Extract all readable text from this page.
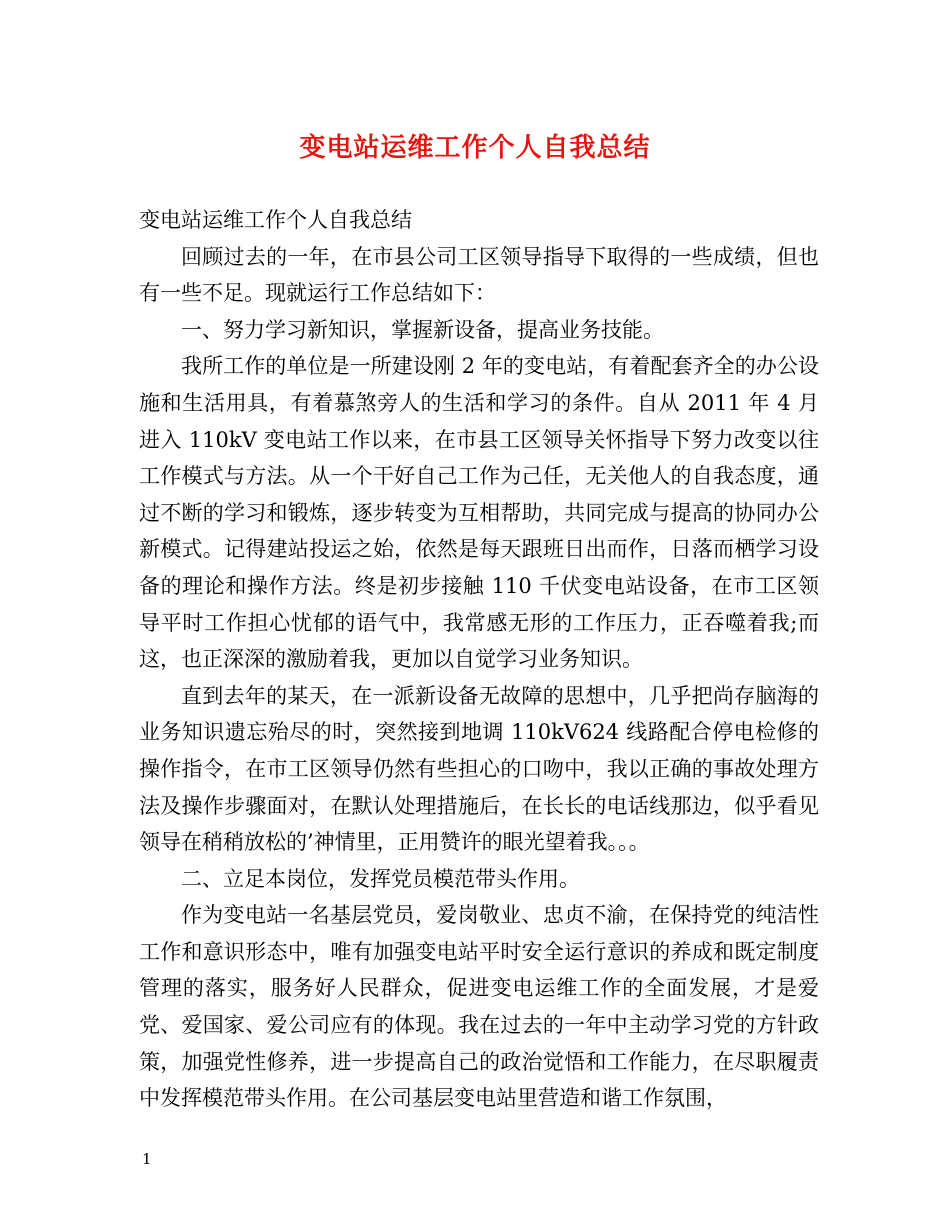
变电站运维工作个人自我总结

变电站运维工作个人自我总结

回顾过去的一年，在市县公司工区领导指导下取得的一些成绩，但也有一些不足。现就运行工作总结如下：

一、努力学习新知识，掌握新设备，提高业务技能。

我所工作的单位是一所建设刚 2 年的变电站，有着配套齐全的办公设施和生活用具，有着慕煞旁人的生活和学习的条件。自从 2011 年 4 月进入 110kV 变电站工作以来，在市县工区领导关怀指导下努力改变以往工作模式与方法。从一个干好自己工作为己任，无关他人的自我态度，通过不断的学习和锻炼，逐步转变为互相帮助，共同完成与提高的协同办公新模式。记得建站投运之始，依然是每天跟班日出而作，日落而栖学习设备的理论和操作方法。终是初步接触 110 千伏变电站设备，在市工区领导平时工作担心忧郁的语气中，我常感无形的工作压力，正吞噬着我;而这，也正深深的激励着我，更加以自觉学习业务知识。

直到去年的某天，在一派新设备无故障的思想中，几乎把尚存脑海的业务知识遗忘殆尽的时，突然接到地调 110kV624 线路配合停电检修的操作指令，在市工区领导仍然有些担心的口吻中，我以正确的事故处理方法及操作步骤面对，在默认处理措施后，在长长的电话线那边，似乎看见领导在稍稍放松的’神情里，正用赞许的眼光望着我。。。

二、立足本岗位，发挥党员模范带头作用。

作为变电站一名基层党员，爱岗敬业、忠贞不渝，在保持党的纯洁性工作和意识形态中，唯有加强变电站平时安全运行意识的养成和既定制度管理的落实，服务好人民群众，促进变电运维工作的全面发展，才是爱党、爱国家、爱公司应有的体现。我在过去的一年中主动学习党的方针政策，加强党性修养，进一步提高自己的政治觉悟和工作能力，在尽职履责中发挥模范带头作用。在公司基层变电站里营造和谐工作氛围，

1
